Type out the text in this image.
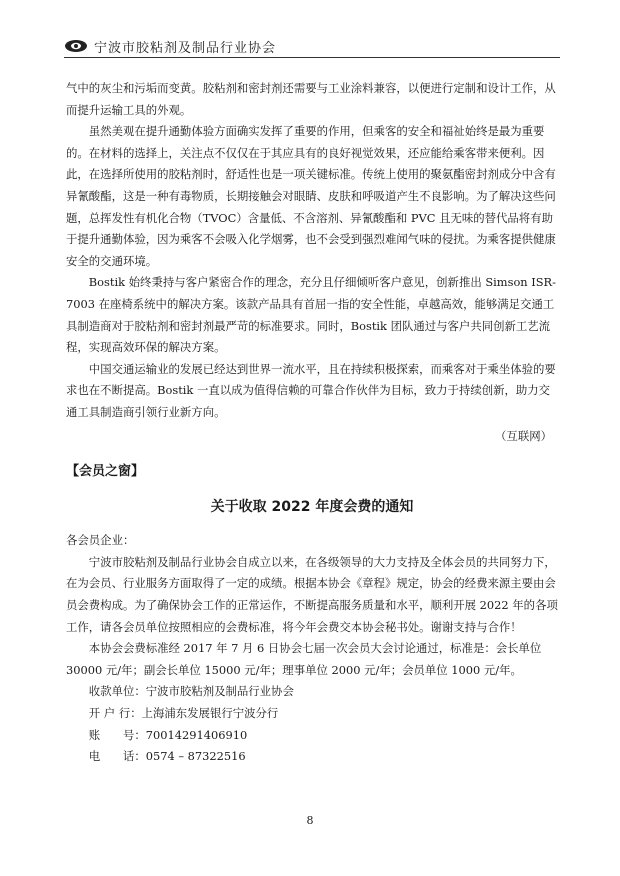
宁波市胶粘剂及制品行业协会

气中的灰尘和污垢而变黄。胶粘剂和密封剂还需要与工业涂料兼容，以便进行定制和设计工作，从而提升运输工具的外观。

虽然美观在提升通勤体验方面确实发挥了重要的作用，但乘客的安全和福祉始终是最为重要的。在材料的选择上，关注点不仅仅在于其应具有的良好视觉效果，还应能给乘客带来便利。因此，在选择所使用的胶粘剂时，舒适性也是一项关键标准。传统上使用的聚氨酯密封剂成分中含有异氰酸酯，这是一种有毒物质，长期接触会对眼睛、皮肤和呼吸道产生不良影响。为了解决这些问题，总挥发性有机化合物（TVOC）含量低、不含溶剂、异氰酸酯和 PVC 且无味的替代品将有助于提升通勤体验，因为乘客不会吸入化学烟雾，也不会受到强烈难闻气味的侵扰。为乘客提供健康安全的交通环境。

Bostik 始终秉持与客户紧密合作的理念，充分且仔细倾听客户意见，创新推出 Simson ISR-7003 在座椅系统中的解决方案。该款产品具有首屈一指的安全性能，卓越高效，能够满足交通工具制造商对于胶粘剂和密封剂最严苛的标准要求。同时，Bostik 团队通过与客户共同创新工艺流程，实现高效环保的解决方案。

中国交通运输业的发展已经达到世界一流水平，且在持续积极探索，而乘客对于乘坐体验的要求也在不断提高。Bostik 一直以成为值得信赖的可靠合作伙伴为目标，致力于持续创新，助力交通工具制造商引领行业新方向。

（互联网）

【会员之窗】

关于收取 2022 年度会费的通知

各会员企业：

宁波市胶粘剂及制品行业协会自成立以来，在各级领导的大力支持及全体会员的共同努力下，在为会员、行业服务方面取得了一定的成绩。根据本协会《章程》规定，协会的经费来源主要由会员会费构成。为了确保协会工作的正常运作，不断提高服务质量和水平，顺利开展 2022 年的各项工作，请各会员单位按照相应的会费标准，将今年会费交本协会秘书处。谢谢支持与合作！

本协会会费标准经 2017 年 7 月 6 日协会七届一次会员大会讨论通过，标准是：会长单位 30000 元/年；副会长单位 15000 元/年；理事单位 2000 元/年；会员单位 1000 元/年。

收款单位：宁波市胶粘剂及制品行业协会

开 户 行：上海浦东发展银行宁波分行

账　　号：70014291406910

电　　话：0574 – 87322516

8
